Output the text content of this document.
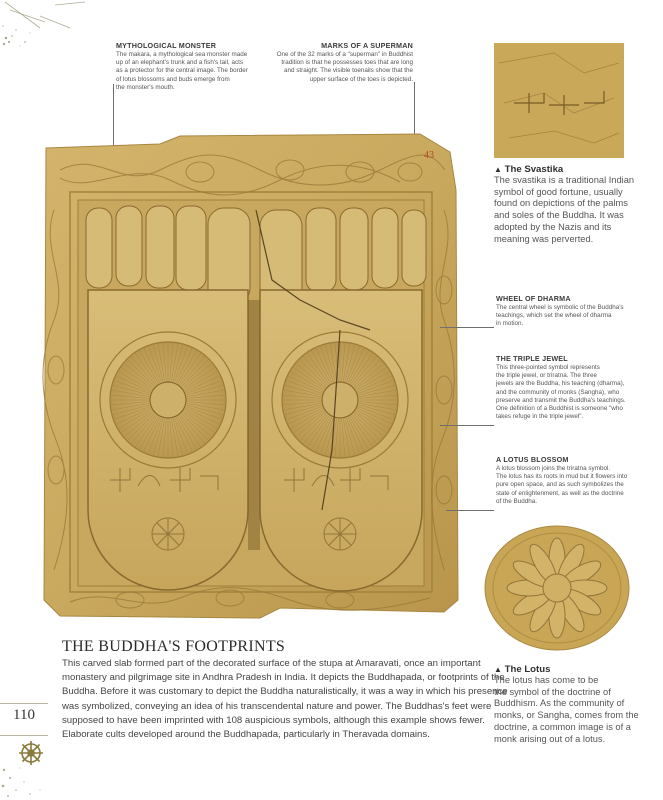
MYTHOLOGICAL MONSTER
The makara, a mythological sea monster made
up of an elephant's trunk and a fish's tail, acts
as a protector for the central image. The border
of lotus blossoms and buds emerge from
the monster's mouth.
MARKS OF A SUPERMAN
One of the 32 marks of a "superman" in Buddhist
tradition is that he possesses toes that are long
and straight. The visible toenails show that the
upper surface of the toes is depicted.
43
▲ The Svastika
The svastika is a traditional Indian
symbol of good fortune, usually
found on depictions of the palms
and soles of the Buddha. It was
adopted by the Nazis and its
meaning was perverted.
WHEEL OF DHARMA
The central wheel is symbolic of the Buddha's
teachings, which set the wheel of dharma
in motion.
THE TRIPLE JEWEL
This three-pointed symbol represents
the triple jewel, or triratna. The three
jewels are the Buddha, his teaching (dharma),
and the community of monks (Sangha), who
preserve and transmit the Buddha's teachings.
One definition of a Buddhist is someone "who
takes refuge in the triple jewel".
A LOTUS BLOSSOM
A lotus blossom joins the triratna symbol.
The lotus has its roots in mud but it flowers into
pure open space, and as such symbolizes the
state of enlightenment, as well as the doctrine
of the Buddha.
▲ The Lotus
The lotus has come to be
the symbol of the doctrine of
Buddhism. As the community of
monks, or Sangha, comes from the
doctrine, a common image is of a
monk arising out of a lotus.
THE BUDDHA'S FOOTPRINTS
This carved slab formed part of the decorated surface of the stupa at Amaravati, once an important
monastery and pilgrimage site in Andhra Pradesh in India. It depicts the Buddhapada, or footprints of the
Buddha. Before it was customary to depict the Buddha naturalistically, it was a way in which his presence
was symbolized, conveying an idea of his transcendental nature and power. The Buddhas's feet were
supposed to have been imprinted with 108 auspicious symbols, although this example shows fewer.
Elaborate cults developed around the Buddhapada, particularly in Theravada domains.
110
